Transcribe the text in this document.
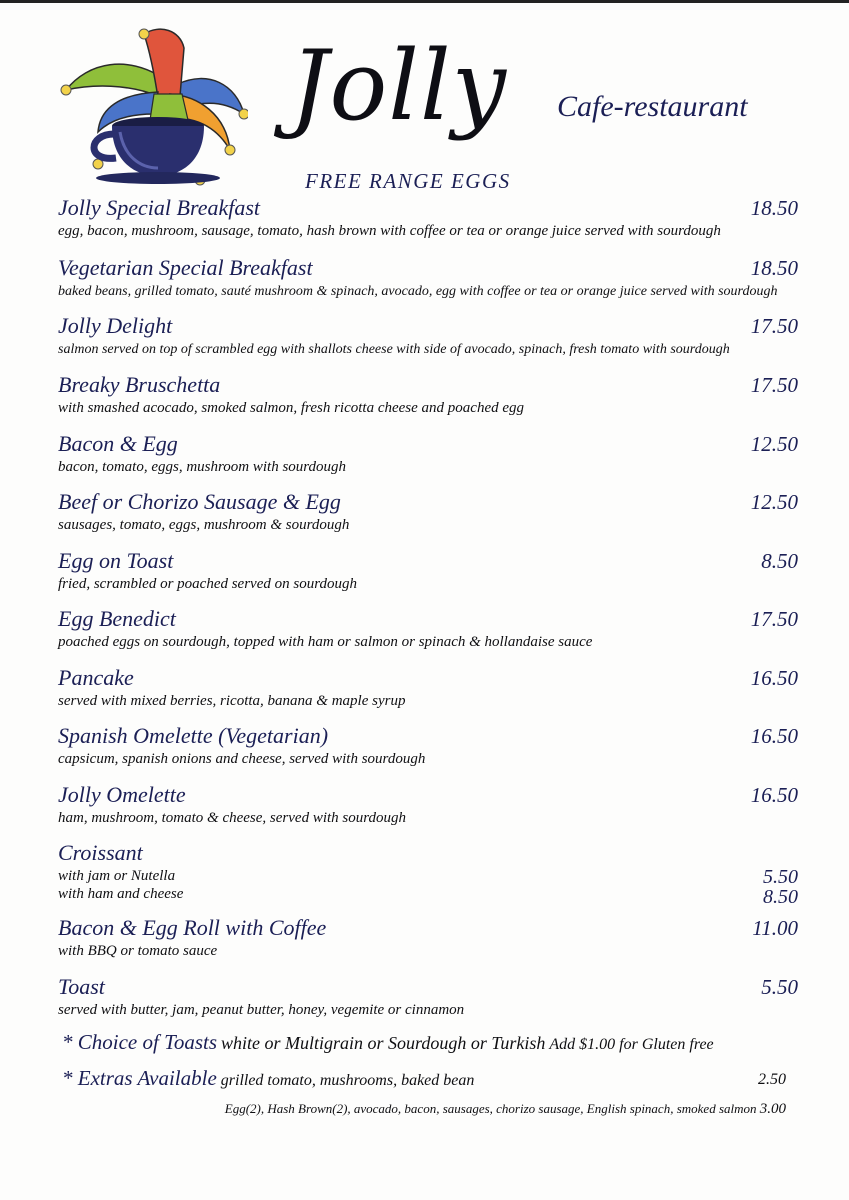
Jolly Cafe-restaurant
FREE RANGE EGGS
Jolly Special Breakfast
egg, bacon, mushroom, sausage, tomato, hash brown with coffee or tea or orange juice served with sourdough
18.50
Vegetarian Special Breakfast
baked beans, grilled tomato, sauté mushroom & spinach, avocado, egg with coffee or tea or orange juice served with sourdough
18.50
Jolly Delight
salmon served on top of scrambled egg with shallots cheese with side of avocado, spinach, fresh tomato with sourdough
17.50
Breaky Bruschetta
with smashed acocado, smoked salmon, fresh ricotta cheese and poached egg
17.50
Bacon & Egg
bacon, tomato, eggs, mushroom with sourdough
12.50
Beef or Chorizo Sausage & Egg
sausages, tomato, eggs, mushroom & sourdough
12.50
Egg on Toast
fried, scrambled or poached served on sourdough
8.50
Egg Benedict
poached eggs on sourdough, topped with ham or salmon or spinach & hollandaise sauce
17.50
Pancake
served with mixed berries, ricotta, banana & maple syrup
16.50
Spanish Omelette (Vegetarian)
capsicum, spanish onions and cheese, served with sourdough
16.50
Jolly Omelette
ham, mushroom, tomato & cheese, served with sourdough
16.50
Croissant
with jam or Nutella
with ham and cheese
5.50
8.50
Bacon & Egg Roll with Coffee
with BBQ or tomato sauce
11.00
Toast
served with butter, jam, peanut butter, honey, vegemite or cinnamon
5.50
* Choice of Toasts white or Multigrain or Sourdough or Turkish Add $1.00 for Gluten free
* Extras Available grilled tomato, mushrooms, baked bean	2.50
Egg(2), Hash Brown(2), avocado, bacon, sausages, chorizo sausage, English spinach, smoked salmon 3.00
